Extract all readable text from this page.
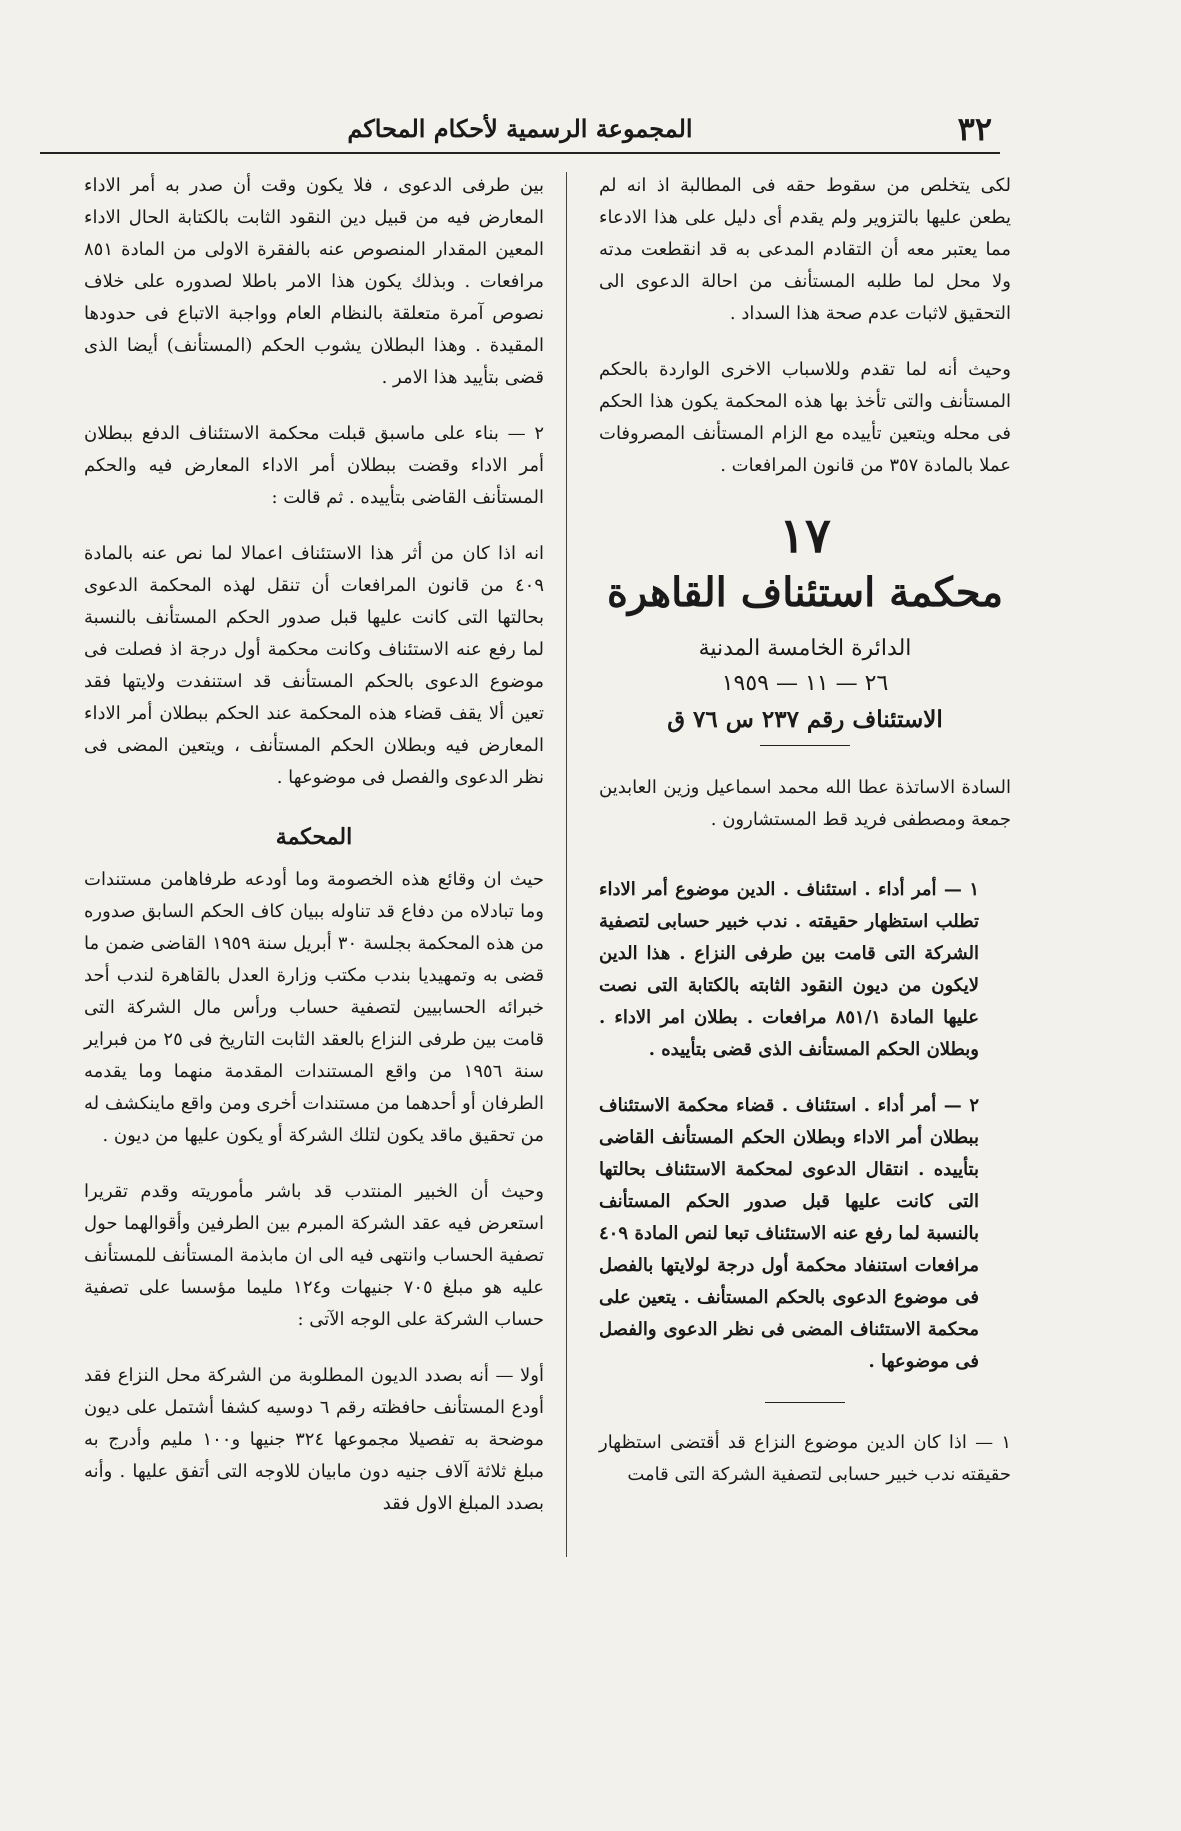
٣٢
المجموعة الرسمية لأحكام المحاكم

لكى يتخلص من سقوط حقه فى المطالبة اذ انه لم يطعن عليها بالتزوير ولم يقدم أى دليل على هذا الادعاء مما يعتبر معه أن التقادم المدعى به قد انقطعت مدته ولا محل لما طلبه المستأنف من احالة الدعوى الى التحقيق لاثبات عدم صحة هذا السداد .

وحيث أنه لما تقدم وللاسباب الاخرى الواردة بالحكم المستأنف والتى تأخذ بها هذه المحكمة يكون هذا الحكم فى محله ويتعين تأييده مع الزام المستأنف المصروفات عملا بالمادة ٣٥٧ من قانون المرافعات .

١٧
محكمة استئناف القاهرة
الدائرة الخامسة المدنية
٢٦ — ١١ — ١٩٥٩
الاستئناف رقم ٢٣٧ س ٧٦ ق

السادة الاساتذة عطا الله محمد اسماعيل وزين العابدين جمعة ومصطفى فريد قط المستشارون .

١ — أمر أداء . استئناف . الدين موضوع أمر الاداء تطلب استظهار حقيقته . ندب خبير حسابى لتصفية الشركة التى قامت بين طرفى النزاع . هذا الدين لايكون من ديون النقود الثابته بالكتابة التى نصت عليها المادة ٨٥١/١ مرافعات . بطلان امر الاداء . وبطلان الحكم المستأنف الذى قضى بتأييده .

٢ — أمر أداء . استئناف . قضاء محكمة الاستئناف ببطلان أمر الاداء وبطلان الحكم المستأنف القاضى بتأييده . انتقال الدعوى لمحكمة الاستئناف بحالتها التى كانت عليها قبل صدور الحكم المستأنف بالنسبة لما رفع عنه الاستئناف تبعا لنص المادة ٤٠٩ مرافعات استنفاد محكمة أول درجة لولايتها بالفصل فى موضوع الدعوى بالحكم المستأنف . يتعين على محكمة الاستئناف المضى فى نظر الدعوى والفصل فى موضوعها .

١ — اذا كان الدين موضوع النزاع قد أقتضى استظهار حقيقته ندب خبير حسابى لتصفية الشركة التى قامت

بين طرفى الدعوى ، فلا يكون وقت أن صدر به أمر الاداء المعارض فيه من قبيل دين النقود الثابت بالكتابة الحال الاداء المعين المقدار المنصوص عنه بالفقرة الاولى من المادة ٨٥١ مرافعات . وبذلك يكون هذا الامر باطلا لصدوره على خلاف نصوص آمرة متعلقة بالنظام العام وواجبة الاتباع فى حدودها المقيدة . وهذا البطلان يشوب الحكم (المستأنف) أيضا الذى قضى بتأييد هذا الامر .

٢ — بناء على ماسبق قبلت محكمة الاستئناف الدفع ببطلان أمر الاداء وقضت ببطلان أمر الاداء المعارض فيه والحكم المستأنف القاضى بتأييده . ثم قالت :

انه اذا كان من أثر هذا الاستئناف اعمالا لما نص عنه بالمادة ٤٠٩ من قانون المرافعات أن تنقل لهذه المحكمة الدعوى بحالتها التى كانت عليها قبل صدور الحكم المستأنف بالنسبة لما رفع عنه الاستئناف وكانت محكمة أول درجة اذ فصلت فى موضوع الدعوى بالحكم المستأنف قد استنفدت ولايتها فقد تعين ألا يقف قضاء هذه المحكمة عند الحكم ببطلان أمر الاداء المعارض فيه وبطلان الحكم المستأنف ، ويتعين المضى فى نظر الدعوى والفصل فى موضوعها .

المحكمة

حيث ان وقائع هذه الخصومة وما أودعه طرفاهامن مستندات وما تبادلاه من دفاع قد تناوله ببيان كاف الحكم السابق صدوره من هذه المحكمة بجلسة ٣٠ أبريل سنة ١٩٥٩ القاضى ضمن ما قضى به وتمهيديا بندب مكتب وزارة العدل بالقاهرة لندب أحد خبرائه الحسابيين لتصفية حساب ورأس مال الشركة التى قامت بين طرفى النزاع بالعقد الثابت التاريخ فى ٢٥ من فبراير سنة ١٩٥٦ من واقع المستندات المقدمة منهما وما يقدمه الطرفان أو أحدهما من مستندات أخرى ومن واقع ماينكشف له من تحقيق ماقد يكون لتلك الشركة أو يكون عليها من ديون .

وحيث أن الخبير المنتدب قد باشر مأموريته وقدم تقريرا استعرض فيه عقد الشركة المبرم بين الطرفين وأقوالهما حول تصفية الحساب وانتهى فيه الى ان مابذمة المستأنف للمستأنف عليه هو مبلغ ٧٠٥ جنيهات و١٢٤ مليما مؤسسا على تصفية حساب الشركة على الوجه الآتى :

أولا — أنه بصدد الديون المطلوبة من الشركة محل النزاع فقد أودع المستأنف حافظته رقم ٦ دوسيه كشفا أشتمل على ديون موضحة به تفصيلا مجموعها ٣٢٤ جنيها و١٠٠ مليم وأدرج به مبلغ ثلاثة آلاف جنيه دون مابيان للاوجه التى أتفق عليها . وأنه بصدد المبلغ الاول فقد
